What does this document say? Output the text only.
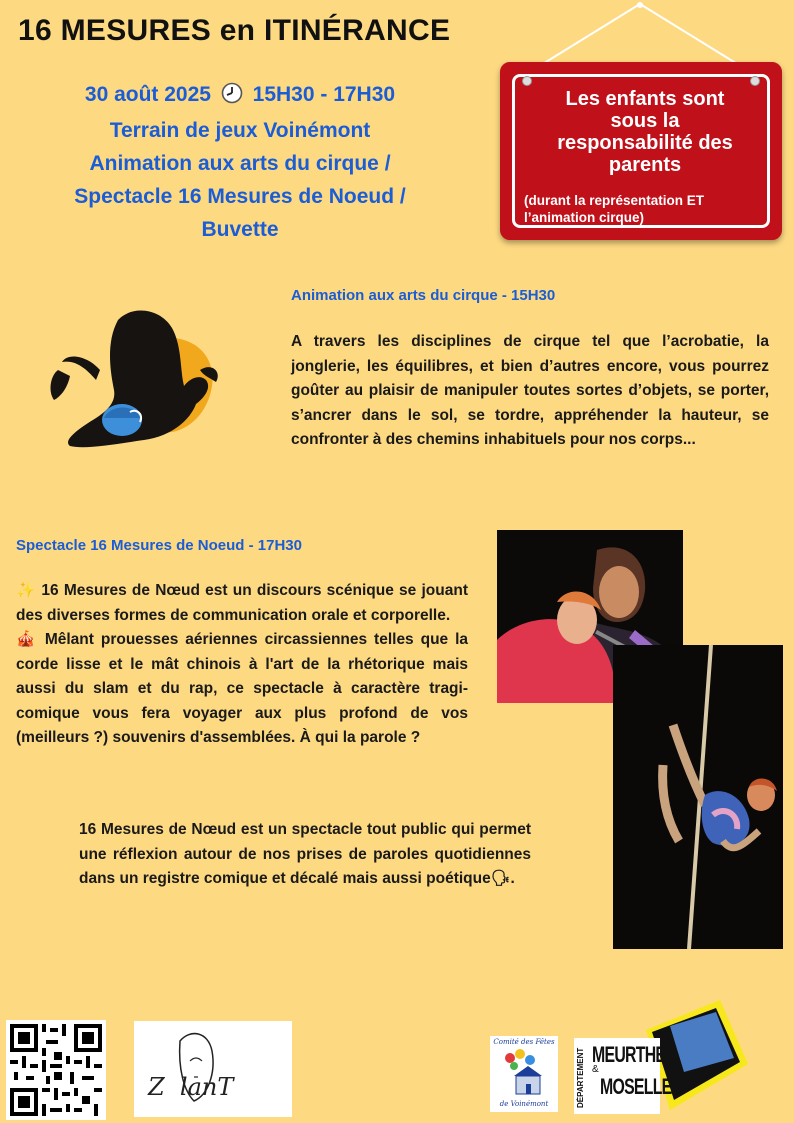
16 MESURES en ITINÉRANCE
30 août 2025 15H30 - 17H30
Terrain de jeux Voinémont
Animation aux arts du cirque /
Spectacle 16 Mesures de Noeud /
Buvette
Les enfants sont
sous la
responsabilité des
parents
(durant la représentation ET
l’animation cirque)
Animation aux arts du cirque - 15H30
A travers les disciplines de cirque tel que l’acrobatie, la jonglerie, les équilibres, et bien d’autres encore, vous pourrez goûter au plaisir de manipuler toutes sortes d’objets, se porter, s’ancrer dans le sol, se tordre, appréhender la hauteur, se confronter à des chemins inhabituels pour nos corps...
Spectacle 16 Mesures de Noeud - 17H30
✨ 16 Mesures de Nœud est un discours scénique se jouant des diverses formes de communication orale et corporelle.
🎪 Mêlant prouesses aériennes circassiennes telles que la corde lisse et le mât chinois à l'art de la rhétorique mais aussi du slam et du rap, ce spectacle à caractère tragi-comique vous fera voyager aux plus profond de vos (meilleurs ?) souvenirs d'assemblées. À qui la parole ?
16 Mesures de Nœud est un spectacle tout public qui permet une réflexion autour de nos prises de paroles quotidiennes dans un registre comique et décalé mais aussi poétique🗣.
Z  lanT
Comité des Fêtes
de Voinémont	DÉPARTEMENT MEURTHE
&
MOSELLE
